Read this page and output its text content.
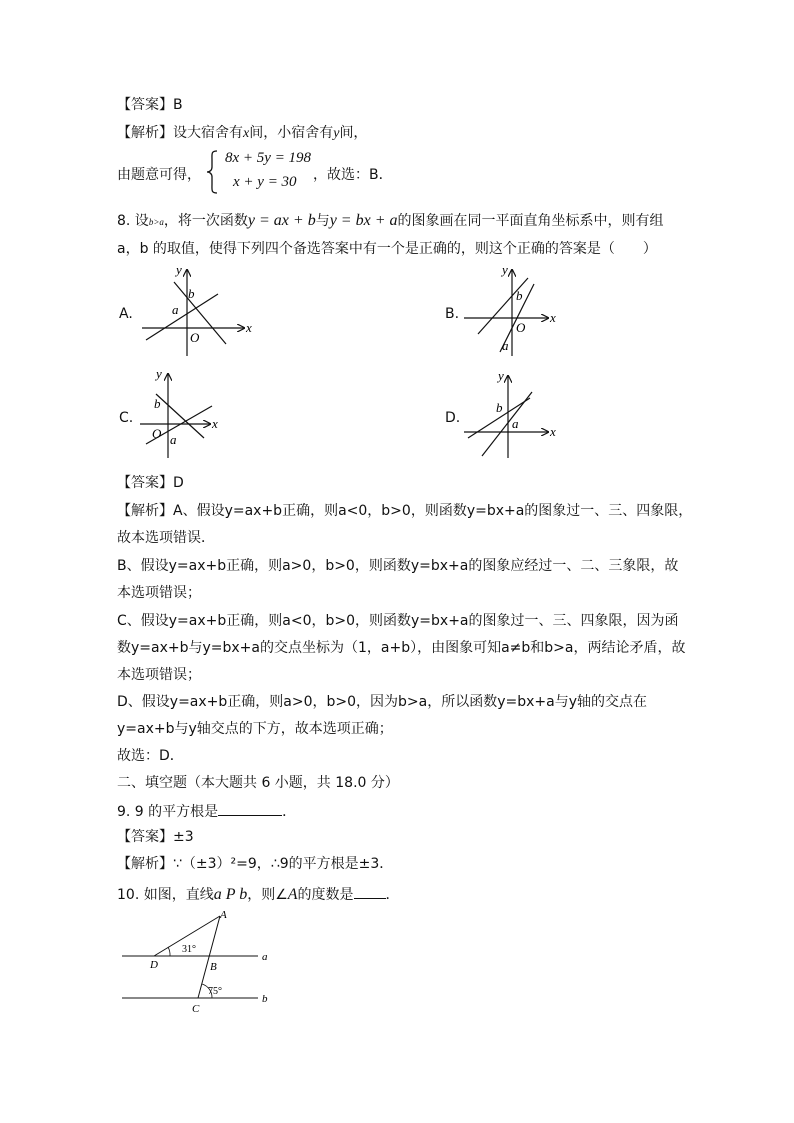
【答案】B
【解析】设大宿舍有x间，小宿舍有y间，
由题意可得，
8x + 5y = 198
x + y = 30 ，故选：B．
8. 设b>a，将一次函数y = ax + b与y = bx + a的图象画在同一平面直角坐标系中，则有组
a，b 的取值，使得下列四个备选答案中有一个是正确的，则这个正确的答案是（　　）
A.
x
y
O
a
b
B.	x
y
O
a
b
C.	x
y
O a
b
D.
x
y
a
b
【答案】D
【解析】A、假设y=ax+b正确，则a<0，b>0，则函数y=bx+a的图象过一、三、四象限，
故本选项错误．
B、假设y=ax+b正确，则a>0，b>0，则函数y=bx+a的图象应经过一、二、三象限，故
本选项错误；
C、假设y=ax+b正确，则a<0，b>0，则函数y=bx+a的图象过一、三、四象限，因为函
数y=ax+b与y=bx+a的交点坐标为（1，a+b），由图象可知a≠b和b>a，两结论矛盾，故
本选项错误；
D、假设y=ax+b正确，则a>0，b>0，因为b>a，所以函数y=bx+a与y轴的交点在
y=ax+b与y轴交点的下方，故本选项正确；
故选：D．
二、填空题（本大题共 6 小题，共 18.0 分）
9. 9 的平方根是	．
【答案】±3
【解析】∵（±3）²=9，∴9的平方根是±3．
10. 如图，直线a P b，则∠A的度数是 ．
A
B
C
D
a
b
31°
75°
